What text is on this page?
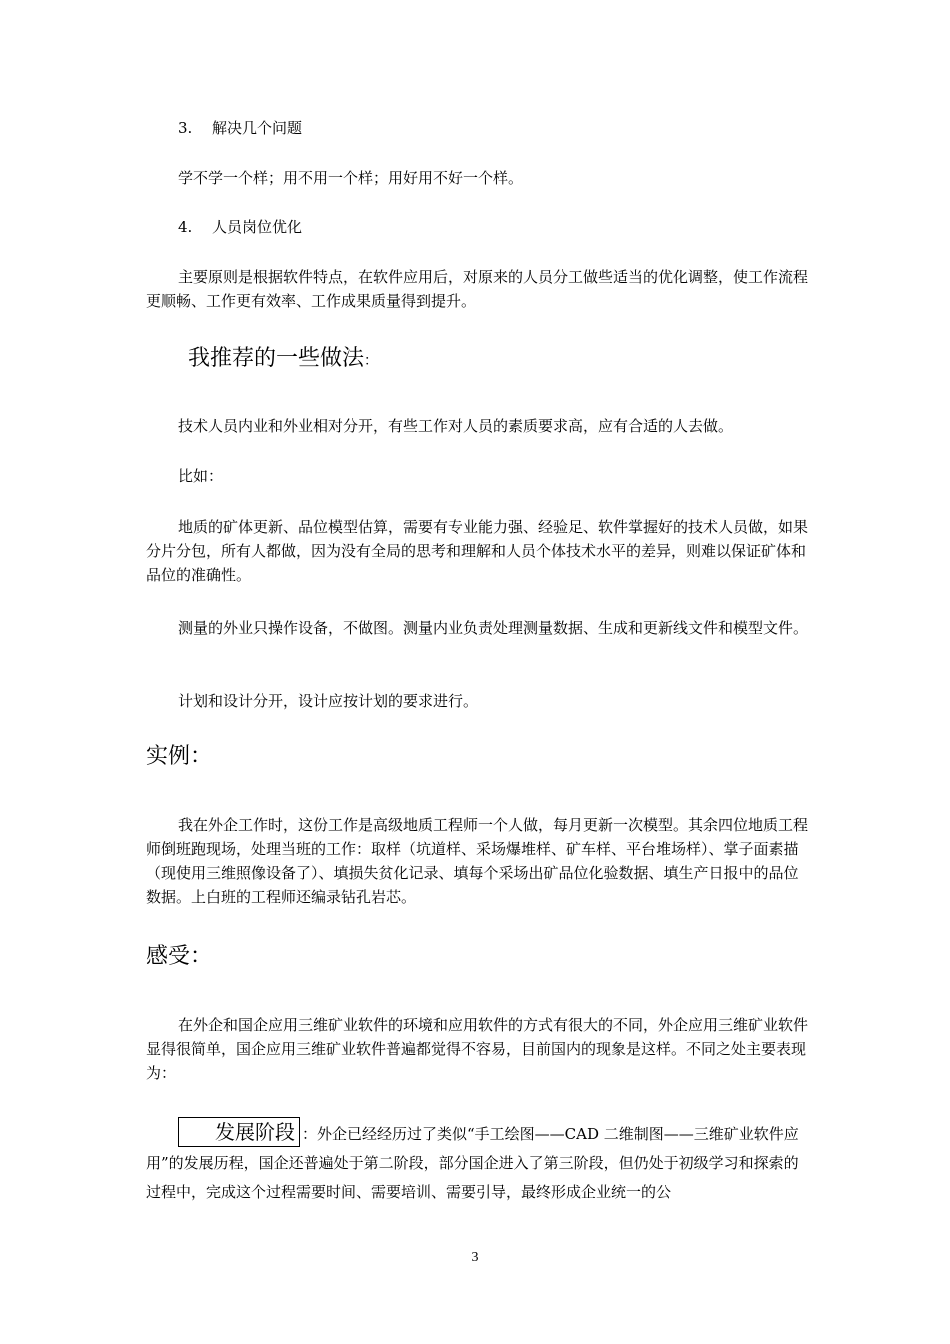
3. 解决几个问题
学不学一个样；用不用一个样；用好用不好一个样。
4. 人员岗位优化
主要原则是根据软件特点，在软件应用后，对原来的人员分工做些适当的优化调整，使工作流程更顺畅、工作更有效率、工作成果质量得到提升。
我推荐的一些做法：
技术人员内业和外业相对分开，有些工作对人员的素质要求高，应有合适的人去做。
比如：
地质的矿体更新、品位模型估算，需要有专业能力强、经验足、软件掌握好的技术人员做，如果分片分包，所有人都做，因为没有全局的思考和理解和人员个体技术水平的差异，则难以保证矿体和品位的准确性。
测量的外业只操作设备，不做图。测量内业负责处理测量数据、生成和更新线文件和模型文件。
计划和设计分开，设计应按计划的要求进行。
实例：
我在外企工作时，这份工作是高级地质工程师一个人做，每月更新一次模型。其余四位地质工程师倒班跑现场，处理当班的工作：取样（坑道样、采场爆堆样、矿车样、平台堆场样）、掌子面素描（现使用三维照像设备了）、填损失贫化记录、填每个采场出矿品位化验数据、填生产日报中的品位数据。上白班的工程师还编录钻孔岩芯。
感受：
在外企和国企应用三维矿业软件的环境和应用软件的方式有很大的不同，外企应用三维矿业软件显得很简单，国企应用三维矿业软件普遍都觉得不容易，目前国内的现象是这样。不同之处主要表现为：
发展阶段 ：外企已经经历过了类似“手工绘图——CAD 二维制图——三维矿业软件应用”的发展历程，国企还普遍处于第二阶段，部分国企进入了第三阶段，但仍处于初级学习和探索的过程中，完成这个过程需要时间、需要培训、需要引导，最终形成企业统一的公
3
